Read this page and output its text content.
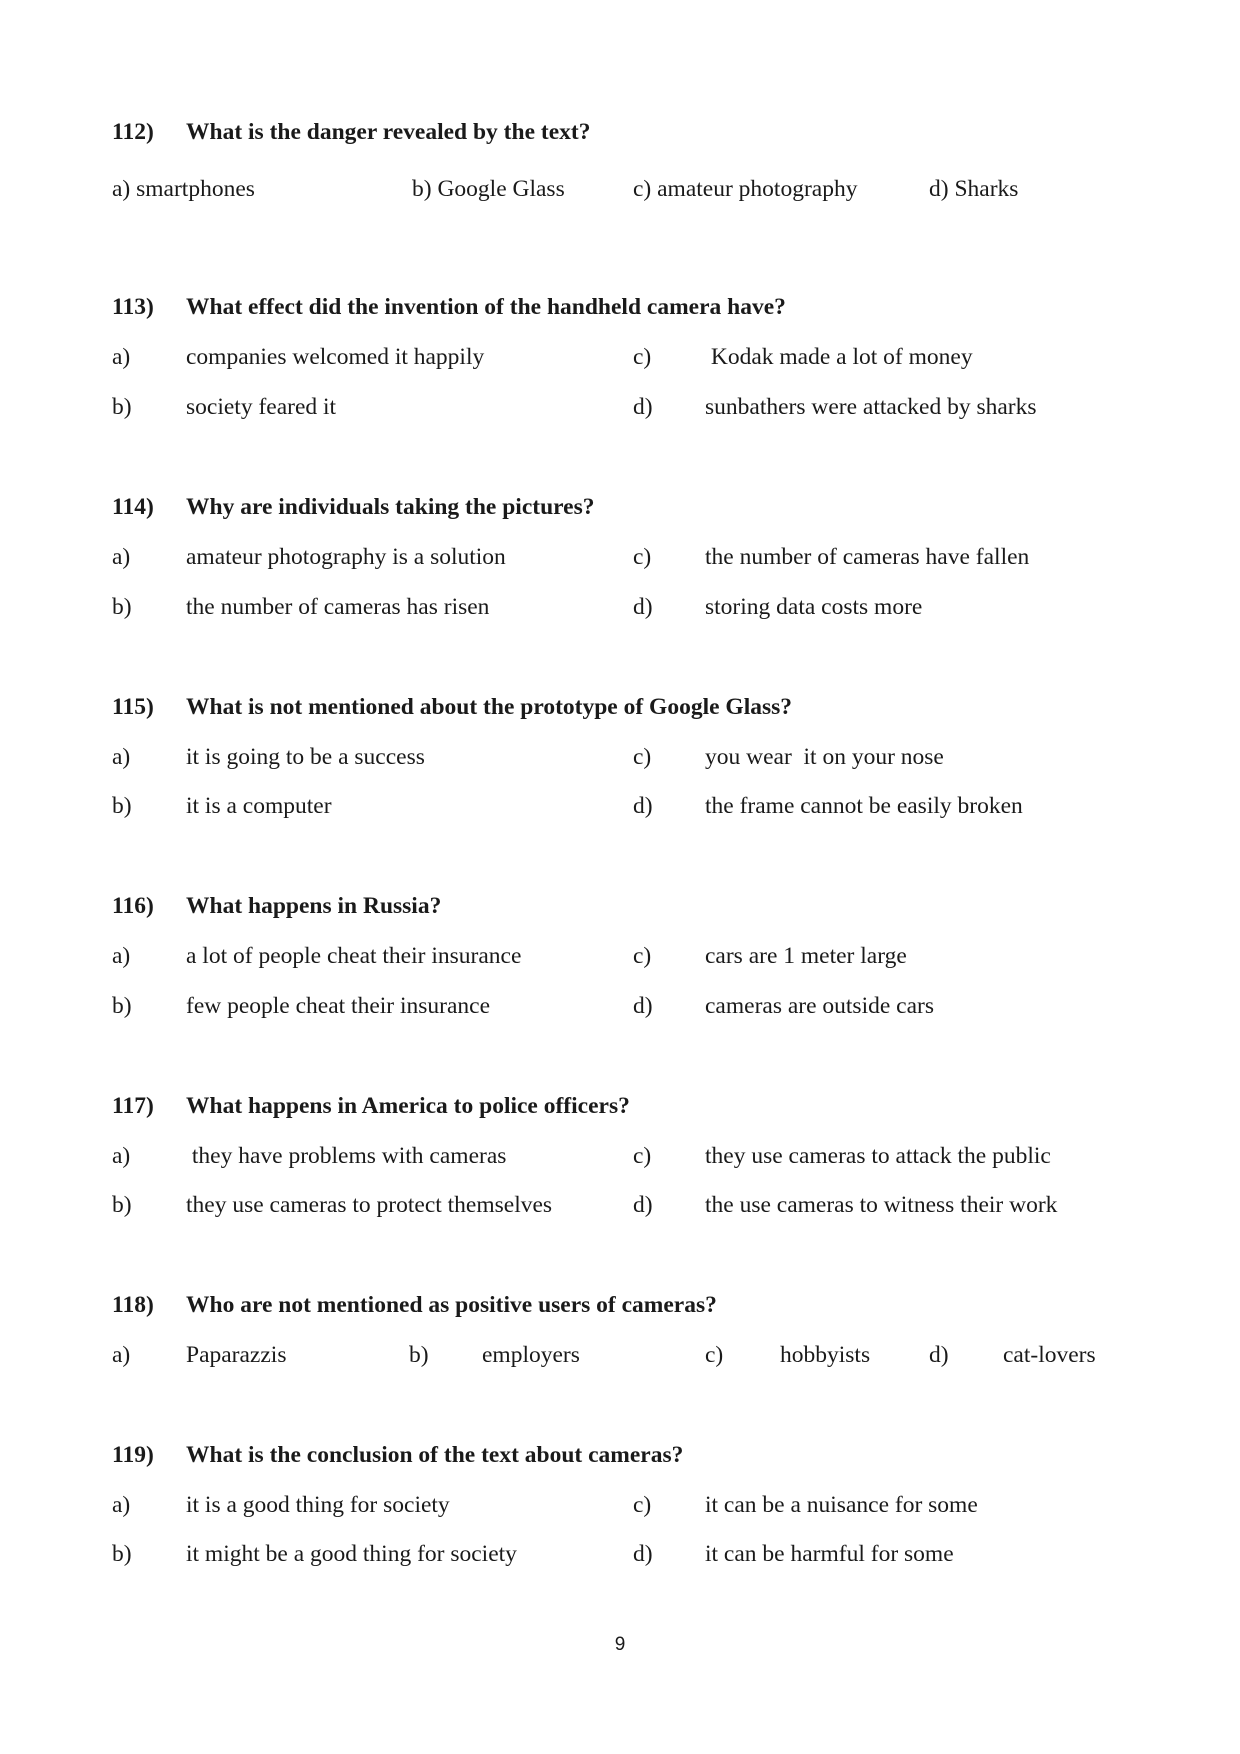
112) What is the danger revealed by the text?
a) smartphones	b) Google Glass	c) amateur photography	d) Sharks
113) What effect did the invention of the handheld camera have?
a) companies welcomed it happily	c) Kodak made a lot of money
b) society feared it	d) sunbathers were attacked by sharks
114) Why are individuals taking the pictures?
a) amateur photography is a solution	c) the number of cameras have fallen
b) the number of cameras has risen	d) storing data costs more
115) What is not mentioned about the prototype of Google Glass?
a) it is going to be a success	c) you wear  it on your nose
b) it is a computer	d) the frame cannot be easily broken
116) What happens in Russia?
a) a lot of people cheat their insurance	c) cars are 1 meter large
b) few people cheat their insurance	d) cameras are outside cars
117) What happens in America to police officers?
a) they have problems with cameras	c) they use cameras to attack the public
b) they use cameras to protect themselves	d) the use cameras to witness their work
118) Who are not mentioned as positive users of cameras?
a) Paparazzis	b) employers	c) hobbyists	d) cat-lovers
119) What is the conclusion of the text about cameras?
a) it is a good thing for society	c) it can be a nuisance for some
b) it might be a good thing for society	d) it can be harmful for some
9
